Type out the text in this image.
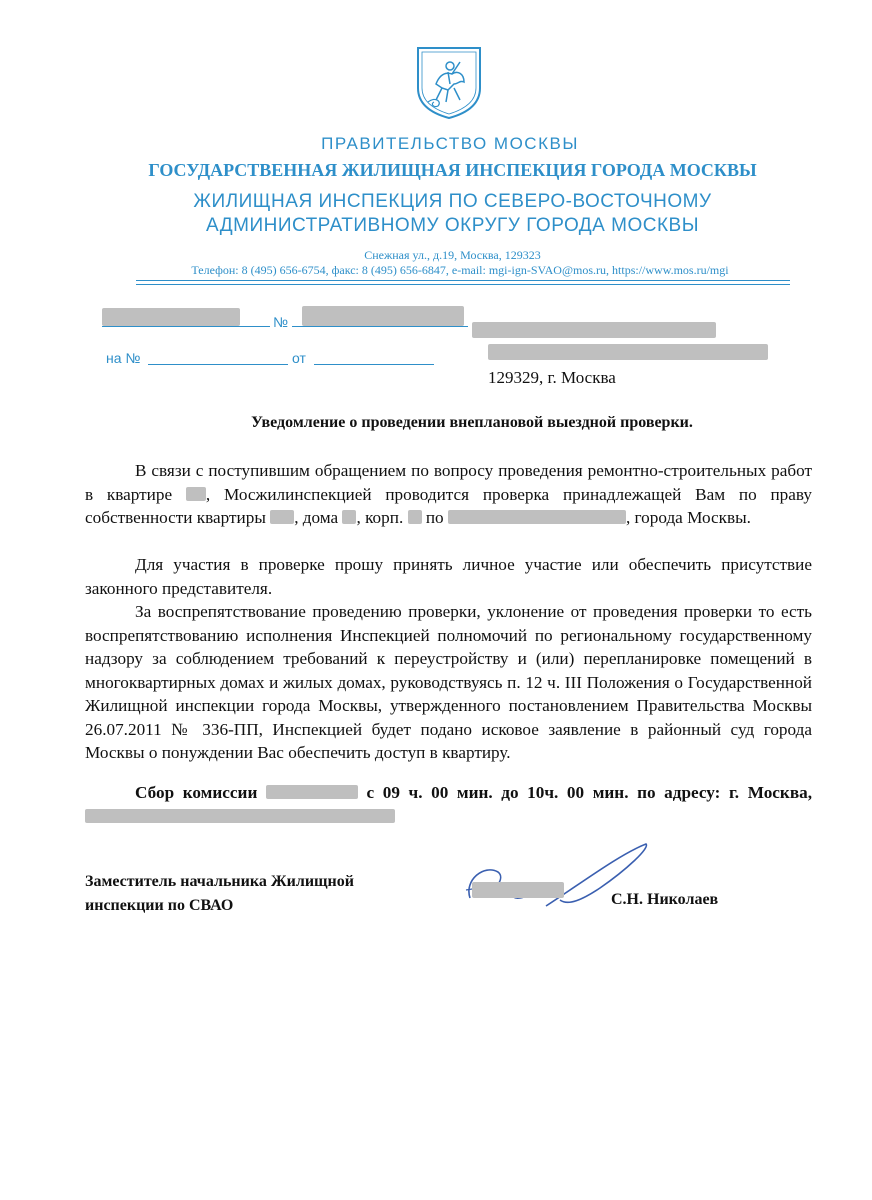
ПРАВИТЕЛЬСТВО МОСКВЫ
ГОСУДАРСТВЕННАЯ ЖИЛИЩНАЯ ИНСПЕКЦИЯ ГОРОДА МОСКВЫ
ЖИЛИЩНАЯ ИНСПЕКЦИЯ ПО СЕВЕРО-ВОСТОЧНОМУ
АДМИНИСТРАТИВНОМУ ОКРУГУ ГОРОДА МОСКВЫ
Снежная ул., д.19, Москва, 129323
Телефон: 8 (495) 656-6754, факс: 8 (495) 656-6847, e-mail: mgi-ign-SVAO@mos.ru, https://www.mos.ru/mgi
№
на №	от
129329, г. Москва
Уведомление о проведении внеплановой выездной проверки.
В связи с поступившим обращением по вопросу проведения ремонтно-строительных работ в квартире , Мосжилинспекцией проводится проверка принадлежащей Вам по праву собственности квартиры , дома , корп.  по	, города Москвы.
Для участия в проверке прошу принять личное участие или обеспечить присутствие законного представителя.
За воспрепятствование проведению проверки, уклонение от проведения проверки то есть воспрепятствованию исполнения Инспекцией полномочий по региональному государственному надзору за соблюдением требований к переустройству и (или) перепланировке помещений в многоквартирных домах и жилых домах, руководствуясь п. 12 ч. III Положения о Государственной Жилищной инспекции города Москвы, утвержденного постановлением Правительства Москвы 26.07.2011 № 336-ПП, Инспекцией будет подано исковое заявление в районный суд города Москвы о понуждении Вас обеспечить доступ в квартиру.
Сбор комиссии	с 09 ч. 00 мин. до 10ч. 00 мин. по адресу: г. Москва,
Заместитель начальника Жилищной
инспекции по СВАО	С.Н. Николаев
